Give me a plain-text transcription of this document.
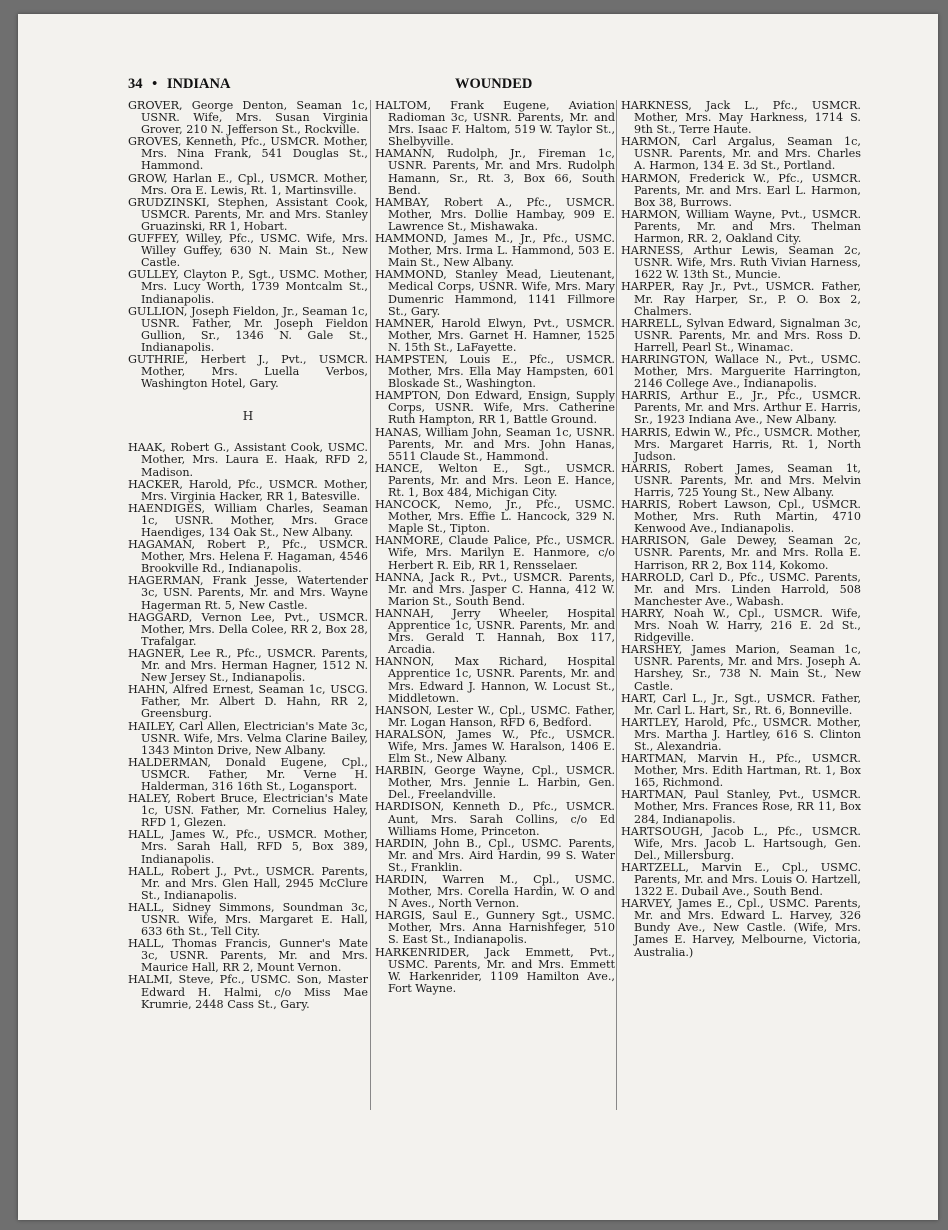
34 • INDIANA	WOUNDED

GROVER, George Denton, Seaman 1c, USNR. Wife, Mrs. Susan Virginia Grover, 210 N. Jefferson St., Rockville.

GROVES, Kenneth, Pfc., USMCR. Mother, Mrs. Nina Frank, 541 Douglas St., Hammond.

GROW, Harlan E., Cpl., USMCR. Mother, Mrs. Ora E. Lewis, Rt. 1, Martinsville.

GRUDZINSKI, Stephen, Assistant Cook, USMCR. Parents, Mr. and Mrs. Stanley Gruazinski, RR 1, Hobart.

GUFFEY, Willey, Pfc., USMC. Wife, Mrs. Willey Guffey, 630 N. Main St., New Castle.

GULLEY, Clayton P., Sgt., USMC. Mother, Mrs. Lucy Worth, 1739 Montcalm St., Indianapolis.

GULLION, Joseph Fieldon, Jr., Seaman 1c, USNR. Father, Mr. Joseph Fieldon Gullion, Sr., 1346 N. Gale St., Indianapolis.

GUTHRIE, Herbert J., Pvt., USMCR. Mother, Mrs. Luella Verbos, Washington Hotel, Gary.

H

HAAK, Robert G., Assistant Cook, USMC. Mother, Mrs. Laura E. Haak, RFD 2, Madison.

HACKER, Harold, Pfc., USMCR. Mother, Mrs. Virginia Hacker, RR 1, Batesville.

HAENDIGES, William Charles, Seaman 1c, USNR. Mother, Mrs. Grace Haendiges, 134 Oak St., New Albany.

HAGAMAN, Robert P., Pfc., USMCR. Mother, Mrs. Helena F. Hagaman, 4546 Brookville Rd., Indianapolis.

HAGERMAN, Frank Jesse, Watertender 3c, USN. Parents, Mr. and Mrs. Wayne Hagerman Rt. 5, New Castle.

HAGGARD, Vernon Lee, Pvt., USMCR. Mother, Mrs. Della Colee, RR 2, Box 28, Trafalgar.

HAGNER, Lee R., Pfc., USMCR. Parents, Mr. and Mrs. Herman Hagner, 1512 N. New Jersey St., Indianapolis.

HAHN, Alfred Ernest, Seaman 1c, USCG. Father, Mr. Albert D. Hahn, RR 2, Greensburg.

HAILEY, Carl Allen, Electrician's Mate 3c, USNR. Wife, Mrs. Velma Clarine Bailey, 1343 Minton Drive, New Albany.

HALDERMAN, Donald Eugene, Cpl., USMCR. Father, Mr. Verne H. Halderman, 316 16th St., Logansport.

HALEY, Robert Bruce, Electrician's Mate 1c, USN. Father, Mr. Cornelius Haley, RFD 1, Glezen.

HALL, James W., Pfc., USMCR. Mother, Mrs. Sarah Hall, RFD 5, Box 389, Indianapolis.

HALL, Robert J., Pvt., USMCR. Parents, Mr. and Mrs. Glen Hall, 2945 McClure St., Indianapolis.

HALL, Sidney Simmons, Soundman 3c, USNR. Wife, Mrs. Margaret E. Hall, 633 6th St., Tell City.

HALL, Thomas Francis, Gunner's Mate 3c, USNR. Parents, Mr. and Mrs. Maurice Hall, RR 2, Mount Vernon.

HALMI, Steve, Pfc., USMC. Son, Master Edward H. Halmi, c/o Miss Mae Krumrie, 2448 Cass St., Gary.

HALTOM, Frank Eugene, Aviation Radioman 3c, USNR. Parents, Mr. and Mrs. Isaac F. Haltom, 519 W. Taylor St., Shelbyville.

HAMANN, Rudolph, Jr., Fireman 1c, USNR. Parents, Mr. and Mrs. Rudolph Hamann, Sr., Rt. 3, Box 66, South Bend.

HAMBAY, Robert A., Pfc., USMCR. Mother, Mrs. Dollie Hambay, 909 E. Lawrence St., Mishawaka.

HAMMOND, James M., Jr., Pfc., USMC. Mother, Mrs. Irma L. Hammond, 503 E. Main St., New Albany.

HAMMOND, Stanley Mead, Lieutenant, Medical Corps, USNR. Wife, Mrs. Mary Dumenric Hammond, 1141 Fillmore St., Gary.

HAMNER, Harold Elwyn, Pvt., USMCR. Mother, Mrs. Garnet H. Hamner, 1525 N. 15th St., LaFayette.

HAMPSTEN, Louis E., Pfc., USMCR. Mother, Mrs. Ella May Hampsten, 601 Bloskade St., Washington.

HAMPTON, Don Edward, Ensign, Supply Corps, USNR. Wife, Mrs. Catherine Ruth Hampton, RR 1, Battle Ground.

HANAS, William John, Seaman 1c, USNR. Parents, Mr. and Mrs. John Hanas, 5511 Claude St., Hammond.

HANCE, Welton E., Sgt., USMCR. Parents, Mr. and Mrs. Leon E. Hance, Rt. 1, Box 484, Michigan City.

HANCOCK, Nemo, Jr., Pfc., USMC. Mother, Mrs. Effie L. Hancock, 329 N. Maple St., Tipton.

HANMORE, Claude Palice, Pfc., USMCR. Wife, Mrs. Marilyn E. Hanmore, c/o Herbert R. Eib, RR 1, Rensselaer.

HANNA, Jack R., Pvt., USMCR. Parents, Mr. and Mrs. Jasper C. Hanna, 412 W. Marion St., South Bend.

HANNAH, Jerry Wheeler, Hospital Apprentice 1c, USNR. Parents, Mr. and Mrs. Gerald T. Hannah, Box 117, Arcadia.

HANNON, Max Richard, Hospital Apprentice 1c, USNR. Parents, Mr. and Mrs. Edward J. Hannon, W. Locust St., Middletown.

HANSON, Lester W., Cpl., USMC. Father, Mr. Logan Hanson, RFD 6, Bedford.

HARALSON, James W., Pfc., USMCR. Wife, Mrs. James W. Haralson, 1406 E. Elm St., New Albany.

HARBIN, George Wayne, Cpl., USMCR. Mother, Mrs. Jennie L. Harbin, Gen. Del., Freelandville.

HARDISON, Kenneth D., Pfc., USMCR. Aunt, Mrs. Sarah Collins, c/o Ed Williams Home, Princeton.

HARDIN, John B., Cpl., USMC. Parents, Mr. and Mrs. Aird Hardin, 99 S. Water St., Franklin.

HARDIN, Warren M., Cpl., USMC. Mother, Mrs. Corella Hardin, W. O and N Aves., North Vernon.

HARGIS, Saul E., Gunnery Sgt., USMC. Mother, Mrs. Anna Harnishfeger, 510 S. East St., Indianapolis.

HARKENRIDER, Jack Emmett, Pvt., USMC. Parents, Mr. and Mrs. Emmett W. Harkenrider, 1109 Hamilton Ave., Fort Wayne.

HARKNESS, Jack L., Pfc., USMCR. Mother, Mrs. May Harkness, 1714 S. 9th St., Terre Haute.

HARMON, Carl Argalus, Seaman 1c, USNR. Parents, Mr. and Mrs. Charles A. Harmon, 134 E. 3d St., Portland.

HARMON, Frederick W., Pfc., USMCR. Parents, Mr. and Mrs. Earl L. Harmon, Box 38, Burrows.

HARMON, William Wayne, Pvt., USMCR. Parents, Mr. and Mrs. Thelman Harmon, RR. 2, Oakland City.

HARNESS, Arthur Lewis, Seaman 2c, USNR. Wife, Mrs. Ruth Vivian Harness, 1622 W. 13th St., Muncie.

HARPER, Ray Jr., Pvt., USMCR. Father, Mr. Ray Harper, Sr., P. O. Box 2, Chalmers.

HARRELL, Sylvan Edward, Signalman 3c, USNR. Parents, Mr. and Mrs. Ross D. Harrell, Pearl St., Winamac.

HARRINGTON, Wallace N., Pvt., USMC. Mother, Mrs. Marguerite Harrington, 2146 College Ave., Indianapolis.

HARRIS, Arthur E., Jr., Pfc., USMCR. Parents, Mr. and Mrs. Arthur E. Harris, Sr., 1923 Indiana Ave., New Albany.

HARRIS, Edwin W., Pfc., USMCR. Mother, Mrs. Margaret Harris, Rt. 1, North Judson.

HARRIS, Robert James, Seaman 1t, USNR. Parents, Mr. and Mrs. Melvin Harris, 725 Young St., New Albany.

HARRIS, Robert Lawson, Cpl., USMCR. Mother, Mrs. Ruth Martin, 4710 Kenwood Ave., Indianapolis.

HARRISON, Gale Dewey, Seaman 2c, USNR. Parents, Mr. and Mrs. Rolla E. Harrison, RR 2, Box 114, Kokomo.

HARROLD, Carl D., Pfc., USMC. Parents, Mr. and Mrs. Linden Harrold, 508 Manchester Ave., Wabash.

HARRY, Noah W., Cpl., USMCR. Wife, Mrs. Noah W. Harry, 216 E. 2d St., Ridgeville.

HARSHEY, James Marion, Seaman 1c, USNR. Parents, Mr. and Mrs. Joseph A. Harshey, Sr., 738 N. Main St., New Castle.

HART, Carl L., Jr., Sgt., USMCR. Father, Mr. Carl L. Hart, Sr., Rt. 6, Bonneville.

HARTLEY, Harold, Pfc., USMCR. Mother, Mrs. Martha J. Hartley, 616 S. Clinton St., Alexandria.

HARTMAN, Marvin H., Pfc., USMCR. Mother, Mrs. Edith Hartman, Rt. 1, Box 165, Richmond.

HARTMAN, Paul Stanley, Pvt., USMCR. Mother, Mrs. Frances Rose, RR 11, Box 284, Indianapolis.

HARTSOUGH, Jacob L., Pfc., USMCR. Wife, Mrs. Jacob L. Hartsough, Gen. Del., Millersburg.

HARTZELL, Marvin E., Cpl., USMC. Parents, Mr. and Mrs. Louis O. Hartzell, 1322 E. Dubail Ave., South Bend.

HARVEY, James E., Cpl., USMC. Parents, Mr. and Mrs. Edward L. Harvey, 326 Bundy Ave., New Castle. (Wife, Mrs. James E. Harvey, Melbourne, Victoria, Australia.)
